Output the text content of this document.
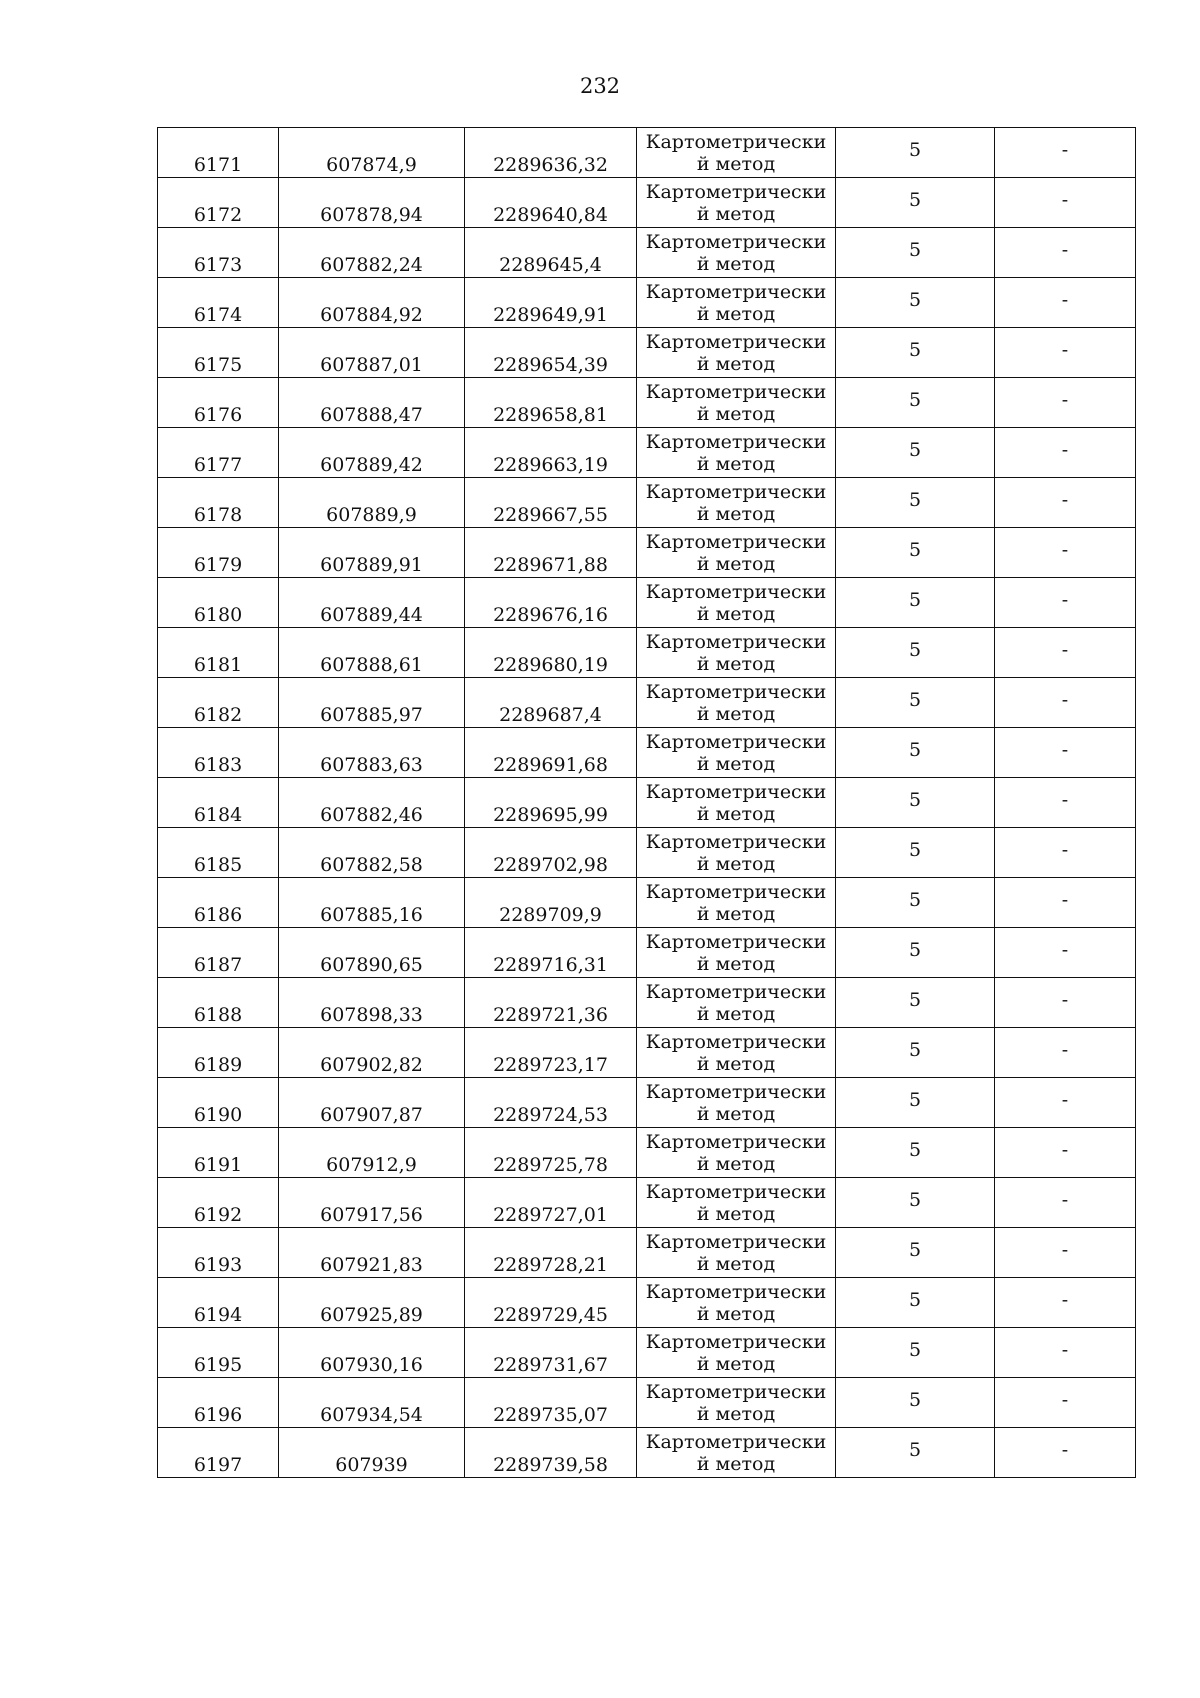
232
6171	607874,9	2289636,32	Картометрический метод	5	-
6172	607878,94	2289640,84	Картометрический метод	5	-
6173	607882,24	2289645,4	Картометрический метод	5	-
6174	607884,92	2289649,91	Картометрический метод	5	-
6175	607887,01	2289654,39	Картометрический метод	5	-
6176	607888,47	2289658,81	Картометрический метод	5	-
6177	607889,42	2289663,19	Картометрический метод	5	-
6178	607889,9	2289667,55	Картометрический метод	5	-
6179	607889,91	2289671,88	Картометрический метод	5	-
6180	607889,44	2289676,16	Картометрический метод	5	-
6181	607888,61	2289680,19	Картометрический метод	5	-
6182	607885,97	2289687,4	Картометрический метод	5	-
6183	607883,63	2289691,68	Картометрический метод	5	-
6184	607882,46	2289695,99	Картометрический метод	5	-
6185	607882,58	2289702,98	Картометрический метод	5	-
6186	607885,16	2289709,9	Картометрический метод	5	-
6187	607890,65	2289716,31	Картометрический метод	5	-
6188	607898,33	2289721,36	Картометрический метод	5	-
6189	607902,82	2289723,17	Картометрический метод	5	-
6190	607907,87	2289724,53	Картометрический метод	5	-
6191	607912,9	2289725,78	Картометрический метод	5	-
6192	607917,56	2289727,01	Картометрический метод	5	-
6193	607921,83	2289728,21	Картометрический метод	5	-
6194	607925,89	2289729,45	Картометрический метод	5	-
6195	607930,16	2289731,67	Картометрический метод	5	-
6196	607934,54	2289735,07	Картометрический метод	5	-
6197	607939	2289739,58	Картометрический метод	5	-
